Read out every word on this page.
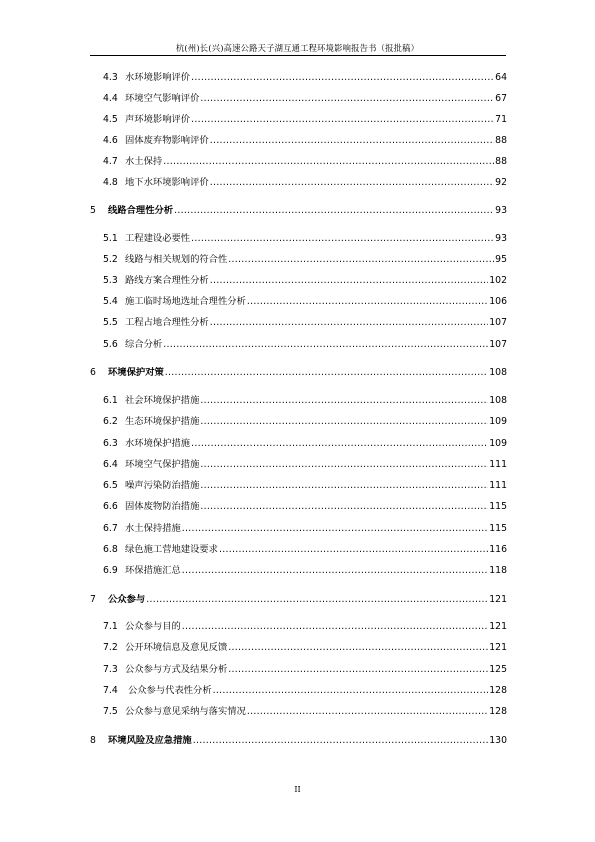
杭(州)长(兴)高速公路天子湖互通工程环境影响报告书（报批稿）
4.3 水环境影响评价 .....	64
4.4 环境空气影响评价 .....	67
4.5 声环境影响评价 .....	71
4.6 固体废弃物影响评价 .....	88
4.7 水土保持 .....	88
4.8 地下水环境影响评价 .....	92
5	线路合理性分析 .....	93
5.1 工程建设必要性 .....	93
5.2 线路与相关规划的符合性 .....	95
5.3 路线方案合理性分析 .....	102
5.4 施工临时场地选址合理性分析 .....	106
5.5 工程占地合理性分析 .....	107
5.6 综合分析 .....	107
6	环境保护对策 .....	108
6.1 社会环境保护措施 .....	108
6.2 生态环境保护措施 .....	109
6.3 水环境保护措施 .....	109
6.4 环境空气保护措施 .....	111
6.5 噪声污染防治措施 .....	111
6.6 固体废物防治措施 .....	115
6.7 水土保持措施 .....	115
6.8 绿色施工营地建设要求 .....	116
6.9 环保措施汇总 .....	118
7	公众参与 .....	121
7.1 公众参与目的 .....	121
7.2 公开环境信息及意见反馈 .....	121
7.3 公众参与方式及结果分析 .....	125
7.4 公众参与代表性分析 .....	128
7.5 公众参与意见采纳与落实情况 .....	128
8	环境风险及应急措施 .....	130
II
